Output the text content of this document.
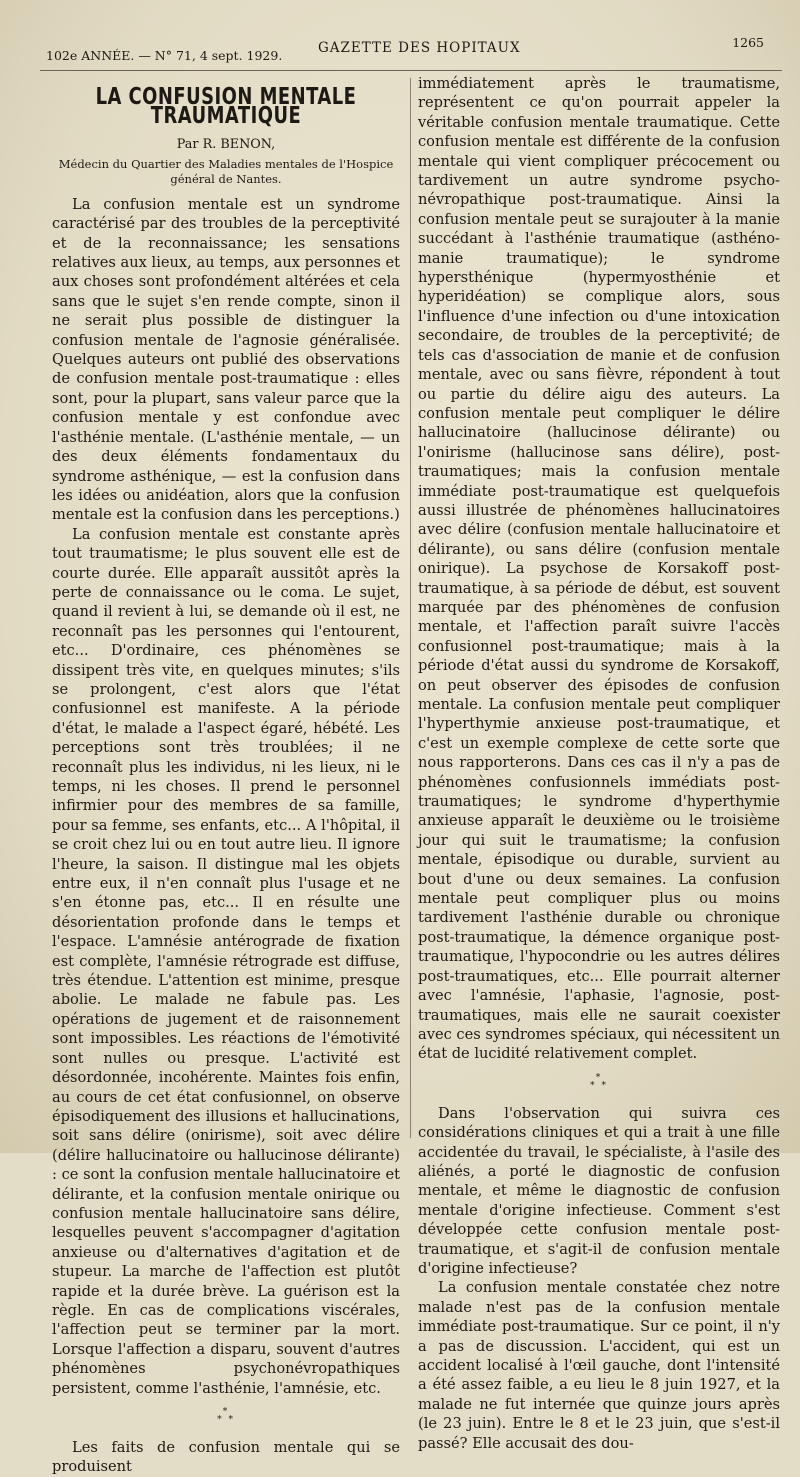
102e ANNÉE. — N° 71, 4 sept. 1929.	GAZETTE DES HOPITAUX	1265
LA CONFUSION MENTALE TRAUMATIQUE

Par R. BENON,

Médecin du Quartier des Maladies mentales de l'Hospice général de Nantes.

La confusion mentale est un syndrome caractérisé par des troubles de la perceptivité et de la reconnaissance; les sensations relatives aux lieux, au temps, aux personnes et aux choses sont profondément altérées et cela sans que le sujet s'en rende compte, sinon il ne serait plus possible de distinguer la confusion mentale de l'agnosie généralisée. Quelques auteurs ont publié des observations de confusion mentale post-traumatique : elles sont, pour la plupart, sans valeur parce que la confusion mentale y est confondue avec l'asthénie mentale. (L'asthénie mentale, — un des deux éléments fondamentaux du syndrome asthénique, — est la confusion dans les idées ou anidéation, alors que la confusion mentale est la confusion dans les perceptions.)

La confusion mentale est constante après tout traumatisme; le plus souvent elle est de courte durée. Elle apparaît aussitôt après la perte de connaissance ou le coma. Le sujet, quand il revient à lui, se demande où il est, ne reconnaît pas les personnes qui l'entourent, etc... D'ordinaire, ces phénomènes se dissipent très vite, en quelques minutes; s'ils se prolongent, c'est alors que l'état confusionnel est manifeste. A la période d'état, le malade a l'aspect égaré, hébété. Les perceptions sont très troublées; il ne reconnaît plus les individus, ni les lieux, ni le temps, ni les choses. Il prend le personnel infirmier pour des membres de sa famille, pour sa femme, ses enfants, etc... A l'hôpital, il se croit chez lui ou en tout autre lieu. Il ignore l'heure, la saison. Il distingue mal les objets entre eux, il n'en connaît plus l'usage et ne s'en étonne pas, etc... Il en résulte une désorientation profonde dans le temps et l'espace. L'amnésie antérograde de fixation est complète, l'amnésie rétrograde est diffuse, très étendue. L'attention est minime, presque abolie. Le malade ne fabule pas. Les opérations de jugement et de raisonnement sont impossibles. Les réactions de l'émotivité sont nulles ou presque. L'activité est désordonnée, incohérente. Maintes fois enfin, au cours de cet état confusionnel, on observe épisodiquement des illusions et hallucinations, soit sans délire (onirisme), soit avec délire (délire hallucinatoire ou hallucinose délirante) : ce sont la confusion mentale hallucinatoire et délirante, et la confusion mentale onirique ou confusion mentale hallucinatoire sans délire, lesquelles peuvent s'accompagner d'agitation anxieuse ou d'alternatives d'agitation et de stupeur. La marche de l'affection est plutôt rapide et la durée brève. La guérison est la règle. En cas de complications viscérales, l'affection peut se terminer par la mort. Lorsque l'affection a disparu, souvent d'autres phénomènes psychonévropathiques persistent, comme l'asthénie, l'amnésie, etc.

*
* *

Les faits de confusion mentale qui se produisent

immédiatement après le traumatisme, représentent ce qu'on pourrait appeler la véritable confusion mentale traumatique. Cette confusion mentale est différente de la confusion mentale qui vient compliquer précocement ou tardivement un autre syndrome psycho-névropathique post-traumatique. Ainsi la confusion mentale peut se surajouter à la manie succédant à l'asthénie traumatique (asthéno-manie traumatique); le syndrome hypersthénique (hypermyosthénie et hyperidéation) se complique alors, sous l'influence d'une infection ou d'une intoxication secondaire, de troubles de la perceptivité; de tels cas d'association de manie et de confusion mentale, avec ou sans fièvre, répondent à tout ou partie du délire aigu des auteurs. La confusion mentale peut compliquer le délire hallucinatoire (hallucinose délirante) ou l'onirisme (hallucinose sans délire), post-traumatiques; mais la confusion mentale immédiate post-traumatique est quelquefois aussi illustrée de phénomènes hallucinatoires avec délire (confusion mentale hallucinatoire et délirante), ou sans délire (confusion mentale onirique). La psychose de Korsakoff post-traumatique, à sa période de début, est souvent marquée par des phénomènes de confusion mentale, et l'affection paraît suivre l'accès confusionnel post-traumatique; mais à la période d'état aussi du syndrome de Korsakoff, on peut observer des épisodes de confusion mentale. La confusion mentale peut compliquer l'hyperthymie anxieuse post-traumatique, et c'est un exemple complexe de cette sorte que nous rapporterons. Dans ces cas il n'y a pas de phénomènes confusionnels immédiats post-traumatiques; le syndrome d'hyperthymie anxieuse apparaît le deuxième ou le troisième jour qui suit le traumatisme; la confusion mentale, épisodique ou durable, survient au bout d'une ou deux semaines. La confusion mentale peut compliquer plus ou moins tardivement l'asthénie durable ou chronique post-traumatique, la démence organique post-traumatique, l'hypocondrie ou les autres délires post-traumatiques, etc... Elle pourrait alterner avec l'amnésie, l'aphasie, l'agnosie, post-traumatiques, mais elle ne saurait coexister avec ces syndromes spéciaux, qui nécessitent un état de lucidité relativement complet.

*
* *

Dans l'observation qui suivra ces considérations cliniques et qui a trait à une fille accidentée du travail, le spécialiste, à l'asile des aliénés, a porté le diagnostic de confusion mentale, et même le diagnostic de confusion mentale d'origine infectieuse. Comment s'est développée cette confusion mentale post-traumatique, et s'agit-il de confusion mentale d'origine infectieuse?

La confusion mentale constatée chez notre malade n'est pas de la confusion mentale immédiate post-traumatique. Sur ce point, il n'y a pas de discussion. L'accident, qui est un accident localisé à l'œil gauche, dont l'intensité a été assez faible, a eu lieu le 8 juin 1927, et la malade ne fut internée que quinze jours après (le 23 juin). Entre le 8 et le 23 juin, que s'est-il passé? Elle accusait des dou-
